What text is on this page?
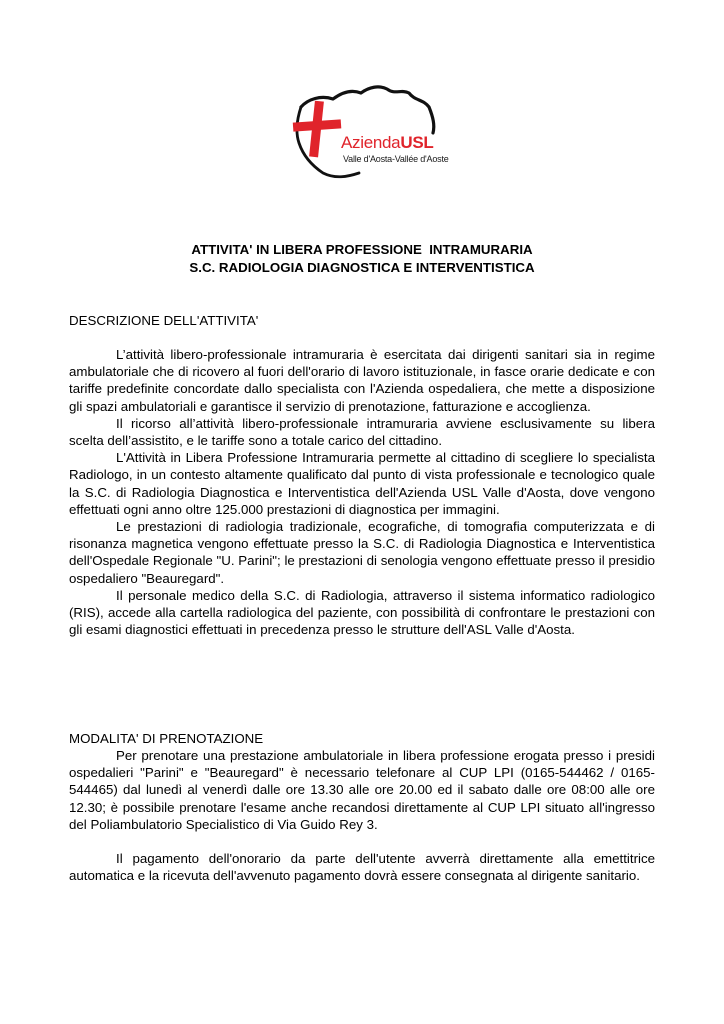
AziendaUSL
Valle d'Aosta-Vallée d'Aoste
ATTIVITA' IN LIBERA PROFESSIONE  INTRAMURARIA
S.C. RADIOLOGIA DIAGNOSTICA E INTERVENTISTICA
DESCRIZIONE DELL'ATTIVITA'

L’attività libero-professionale intramuraria è esercitata dai dirigenti sanitari sia in regime ambulatoriale che di ricovero al fuori dell'orario di lavoro istituzionale, in fasce orarie dedicate e con tariffe predefinite concordate dallo specialista con l'Azienda ospedaliera, che mette a disposizione gli spazi ambulatoriali e garantisce il servizio di prenotazione, fatturazione e accoglienza.

Il ricorso all’attività libero-professionale intramuraria avviene esclusivamente su libera scelta dell’assistito, e le tariffe sono a totale carico del cittadino.

L'Attività in Libera Professione Intramuraria permette al cittadino di scegliere lo specialista Radiologo, in un contesto altamente qualificato dal punto di vista professionale e tecnologico quale la S.C. di Radiologia Diagnostica e Interventistica dell'Azienda USL Valle d'Aosta, dove vengono effettuati ogni anno oltre 125.000 prestazioni di diagnostica per immagini.

Le prestazioni di radiologia tradizionale, ecografiche, di tomografia computerizzata e di risonanza magnetica vengono effettuate presso la S.C. di Radiologia Diagnostica e Interventistica dell'Ospedale Regionale "U. Parini"; le prestazioni di senologia vengono effettuate presso il presidio ospedaliero "Beauregard".

Il personale medico della S.C. di Radiologia, attraverso il sistema informatico radiologico (RIS), accede alla cartella radiologica del paziente, con possibilità di confrontare le prestazioni con gli esami diagnostici effettuati in precedenza presso le strutture dell'ASL Valle d'Aosta.

MODALITA' DI PRENOTAZIONE

Per prenotare una prestazione ambulatoriale in libera professione erogata presso i presidi ospedalieri "Parini" e "Beauregard" è necessario telefonare al CUP LPI (0165-544462 / 0165-544465) dal lunedì al venerdì dalle ore 13.30 alle ore 20.00 ed il sabato dalle ore 08:00 alle ore 12.30; è possibile prenotare l'esame anche recandosi direttamente al CUP LPI situato all'ingresso del Poliambulatorio Specialistico di Via Guido Rey 3.

Il pagamento dell'onorario da parte dell'utente avverrà direttamente alla emettitrice automatica e la ricevuta dell'avvenuto pagamento dovrà essere consegnata al dirigente sanitario.
